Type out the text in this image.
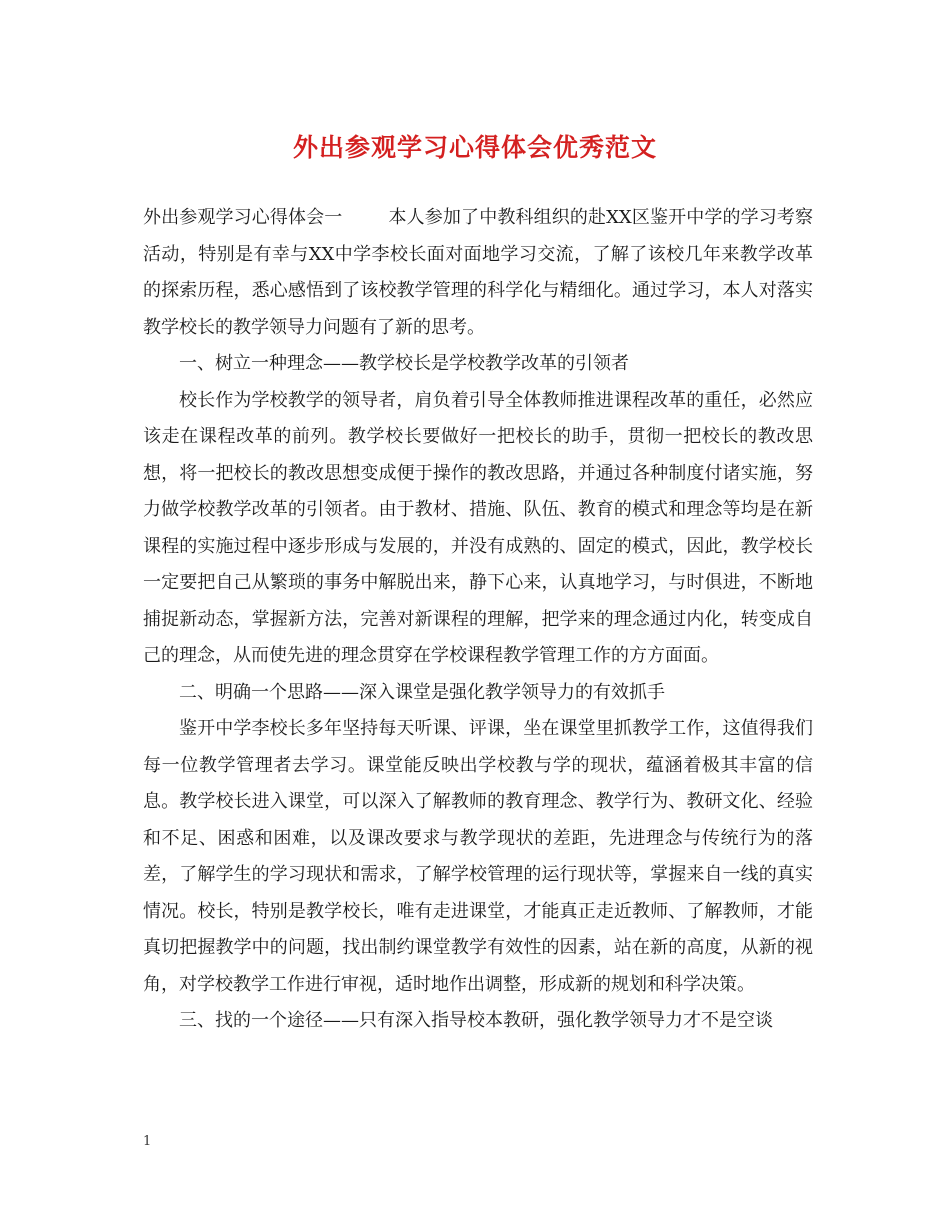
外出参观学习心得体会优秀范文

外出参观学习心得体会一	本人参加了中教科组织的赴XX区鉴开中学的学习考察活动，特别是有幸与XX中学李校长面对面地学习交流，了解了该校几年来教学改革的探索历程，悉心感悟到了该校教学管理的科学化与精细化。通过学习，本人对落实教学校长的教学领导力问题有了新的思考。

一、树立一种理念——教学校长是学校教学改革的引领者

校长作为学校教学的领导者，肩负着引导全体教师推进课程改革的重任，必然应该走在课程改革的前列。教学校长要做好一把校长的助手，贯彻一把校长的教改思想，将一把校长的教改思想变成便于操作的教改思路，并通过各种制度付诸实施，努力做学校教学改革的引领者。由于教材、措施、队伍、教育的模式和理念等均是在新课程的实施过程中逐步形成与发展的，并没有成熟的、固定的模式，因此，教学校长一定要把自己从繁琐的事务中解脱出来，静下心来，认真地学习，与时俱进，不断地捕捉新动态，掌握新方法，完善对新课程的理解，把学来的理念通过内化，转变成自己的理念，从而使先进的理念贯穿在学校课程教学管理工作的方方面面。

二、明确一个思路——深入课堂是强化教学领导力的有效抓手

鉴开中学李校长多年坚持每天听课、评课，坐在课堂里抓教学工作，这值得我们每一位教学管理者去学习。课堂能反映出学校教与学的现状，蕴涵着极其丰富的信息。教学校长进入课堂，可以深入了解教师的教育理念、教学行为、教研文化、经验和不足、困惑和困难，以及课改要求与教学现状的差距，先进理念与传统行为的落差，了解学生的学习现状和需求，了解学校管理的运行现状等，掌握来自一线的真实情况。校长，特别是教学校长，唯有走进课堂，才能真正走近教师、了解教师，才能真切把握教学中的问题，找出制约课堂教学有效性的因素，站在新的高度，从新的视角，对学校教学工作进行审视，适时地作出调整，形成新的规划和科学决策。

三、找的一个途径——只有深入指导校本教研，强化教学领导力才不是空谈

1
